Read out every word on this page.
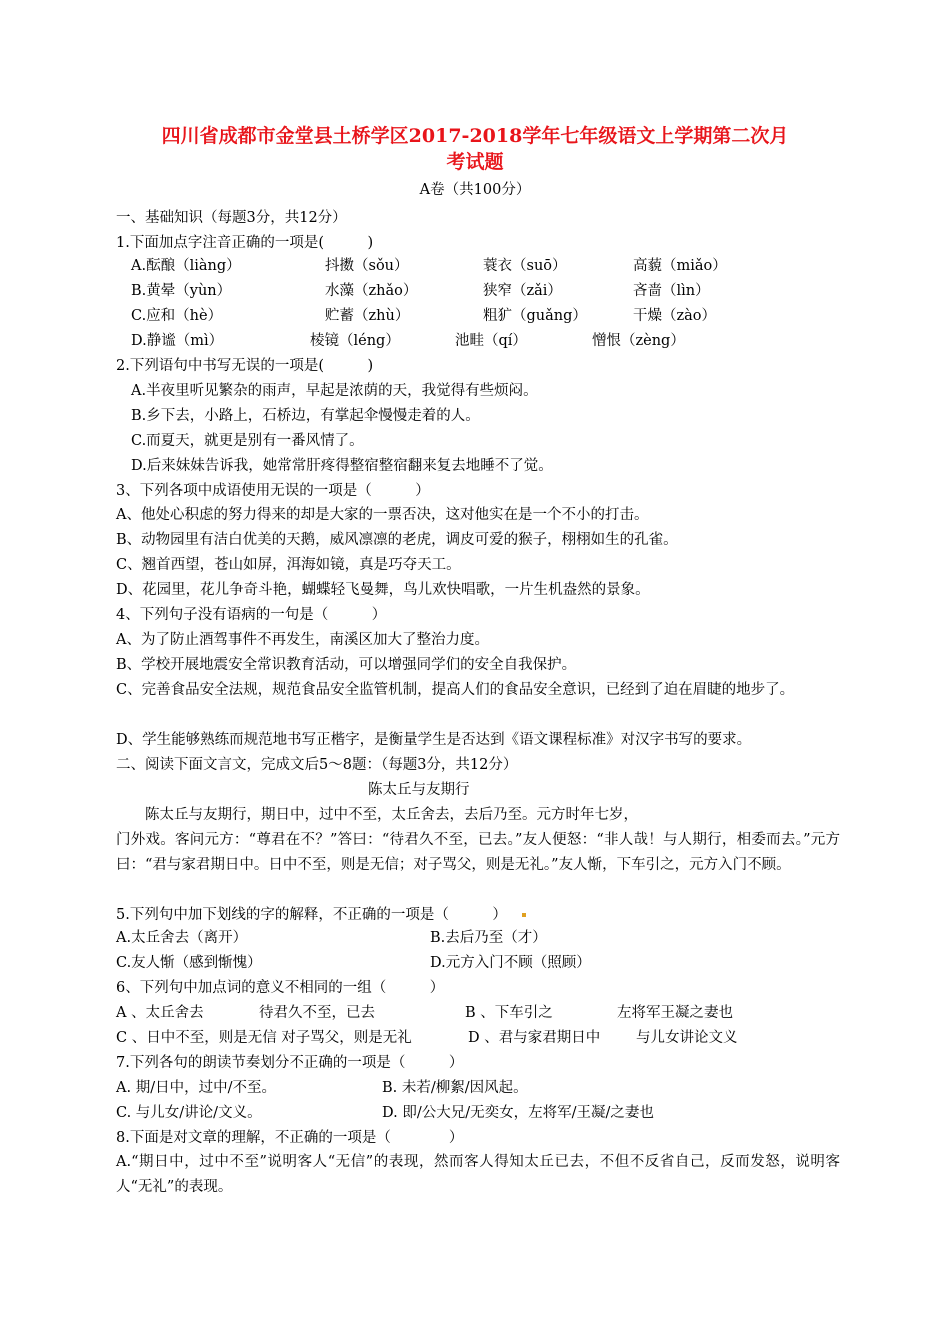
四川省成都市金堂县土桥学区2017-2018学年七年级语文上学期第二次月
考试题
A卷（共100分）
一、基础知识（每题3分，共12分）
1.下面加点字注音正确的一项是(　　　)
A.酝酿（liàng）	抖擞（sǒu）	蓑衣（suō）	高藐（miǎo）
B.黄晕（yùn）	水藻（zhǎo）	狭窄（zǎi）	吝啬（lìn）
C.应和（hè）	贮蓄（zhù）	粗犷（guǎng）	干燥（zào）
D.静谧（mì）	棱镜（léng）	池畦（qí）	憎恨（zèng）
2.下列语句中书写无误的一项是(　　　)
A.半夜里听见繁杂的雨声，早起是浓荫的天，我觉得有些烦闷。
B.乡下去，小路上，石桥边，有掌起伞慢慢走着的人。
C.而夏天，就更是别有一番风情了。
D.后来妹妹告诉我，她常常肝疼得整宿整宿翻来复去地睡不了觉。
3、下列各项中成语使用无误的一项是（　　　）
A、他处心积虑的努力得来的却是大家的一票否决，这对他实在是一个不小的打击。
B、动物园里有洁白优美的天鹅，威风凛凛的老虎，调皮可爱的猴子，栩栩如生的孔雀。
C、翘首西望，苍山如屏，洱海如镜，真是巧夺天工。
D、花园里，花儿争奇斗艳，蝴蝶轻飞曼舞，鸟儿欢快唱歌，一片生机盎然的景象。
4、下列句子没有语病的一句是（　　　）
A、为了防止酒驾事件不再发生，南溪区加大了整治力度。
B、学校开展地震安全常识教育活动，可以增强同学们的安全自我保护。
C、完善食品安全法规，规范食品安全监管机制，提高人们的食品安全意识，已经到了迫在眉睫的地步了。
D、学生能够熟练而规范地书写正楷字，是衡量学生是否达到《语文课程标准》对汉字书写的要求。
二、阅读下面文言文，完成文后5～8题：（每题3分，共12分）
陈太丘与友期行
陈太丘与友期行，期日中，过中不至，太丘舍去，去后乃至。元方时年七岁，
门外戏。客问元方：“尊君在不？”答曰：“待君久不至，已去。”友人便怒：“非人哉！与人期行，相委而去。”元方曰：“君与家君期日中。日中不至，则是无信；对子骂父，则是无礼。”友人惭，下车引之，元方入门不顾。
5.下列句中加下划线的字的解释，不正确的一项是（　　　）
A.太丘舍去（离开）	B.去后乃至（才）
C.友人惭（感到惭愧）	D.元方入门不顾（照顾）
6、下列句中加点词的意义不相同的一组（　　　）
A 、太丘舍去	待君久不至，已去	B 、下车引之	左将军王凝之妻也
C 、日中不至，则是无信 对子骂父，则是无礼	D 、君与家君期日中 与儿女讲论文义
7.下列各句的朗读节奏划分不正确的一项是（　　　）
A. 期/日中，过中/不至。	B. 未若/柳絮/因风起。
C. 与儿女/讲论/文义。	D. 即/公大兄/无奕女，左将军/王凝/之妻也
8.下面是对文章的理解，不正确的一项是（　　　　）
A.“期日中，过中不至”说明客人“无信”的表现，然而客人得知太丘已去，不但不反省自己，反而发怒，说明客人“无礼”的表现。
